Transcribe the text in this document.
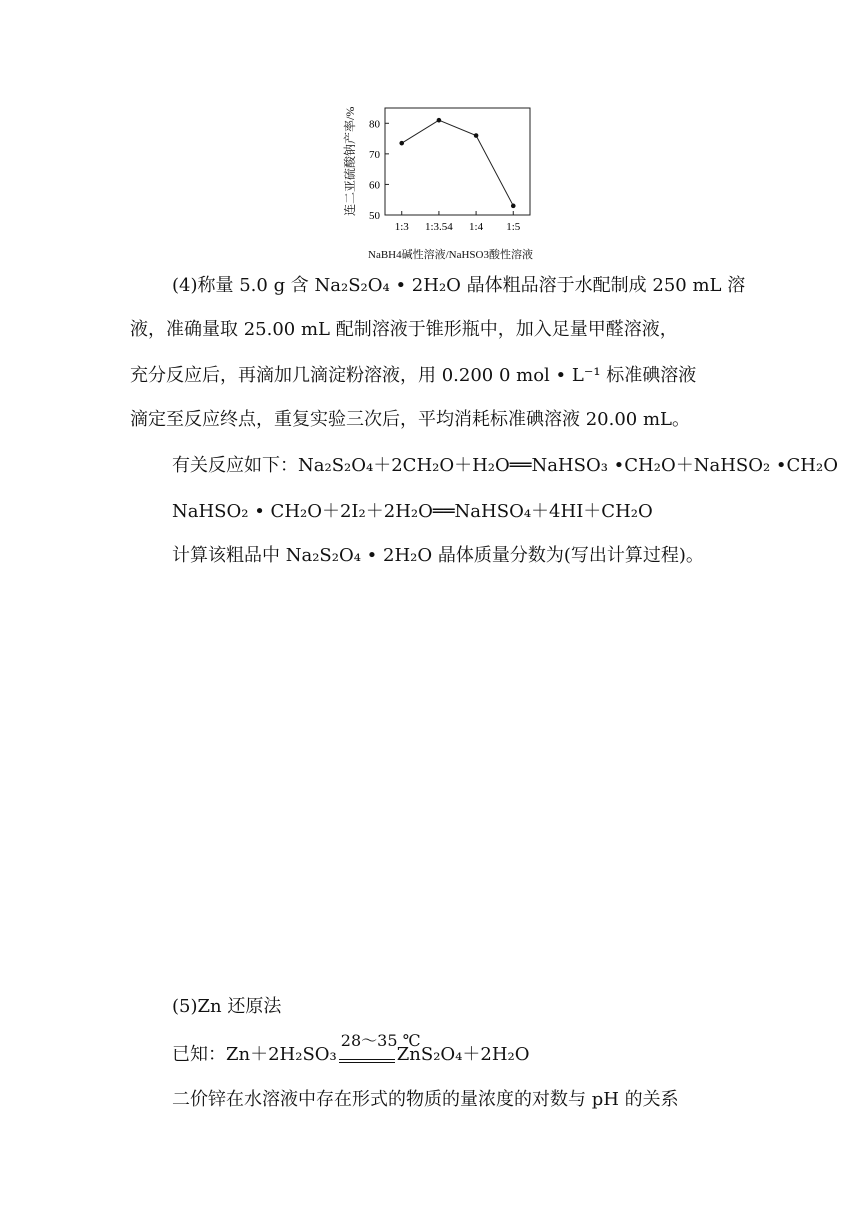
连二亚硫酸钠产率/% 50
60
70
80
1:3 1:3.54 1:4 1:5
NaBH4碱性溶液/NaHSO3酸性溶液
(4)称量 5.0 g 含 Na₂S₂O₄ • 2H₂O 晶体粗品溶于水配制成 250 mL 溶
液，准确量取 25.00 mL 配制溶液于锥形瓶中，加入足量甲醛溶液，
充分反应后，再滴加几滴淀粉溶液，用 0.200 0 mol • L⁻¹ 标准碘溶液
滴定至反应终点，重复实验三次后，平均消耗标准碘溶液 20.00 mL。
有关反应如下：Na₂S₂O₄＋2CH₂O＋H₂O══NaHSO₃ •CH₂O＋NaHSO₂ •CH₂O
NaHSO₂ • CH₂O＋2I₂＋2H₂O══NaHSO₄＋4HI＋CH₂O
计算该粗品中 Na₂S₂O₄ • 2H₂O 晶体质量分数为(写出计算过程)。
(5)Zn 还原法
已知：Zn＋2H₂SO₃
28～35 ℃
ZnS₂O₄＋2H₂O
二价锌在水溶液中存在形式的物质的量浓度的对数与 pH 的关系
